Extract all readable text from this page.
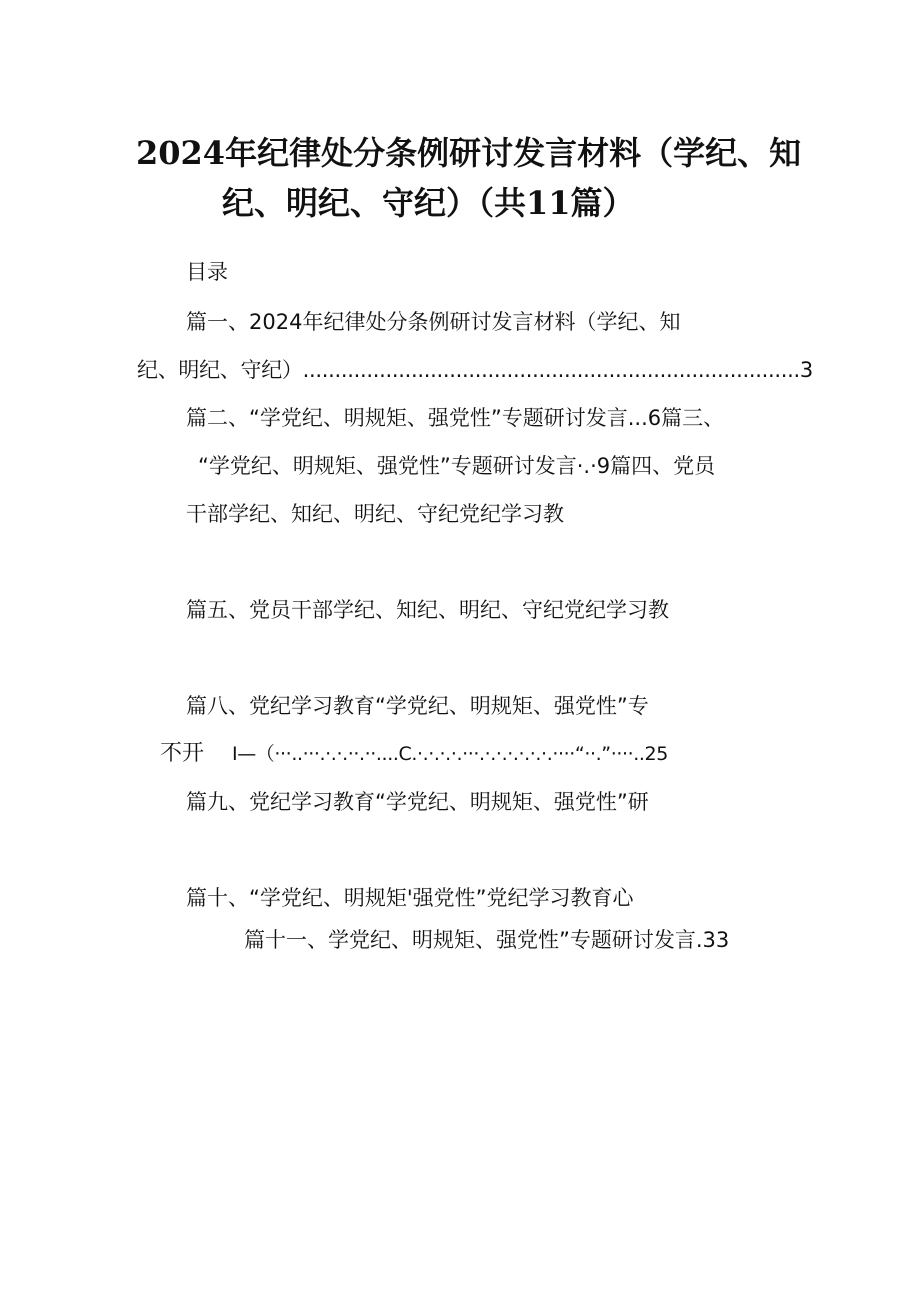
2024年纪律处分条例研讨发言材料（学纪、知
纪、明纪、守纪）（共11篇）
目录
篇一、2024年纪律处分条例研讨发言材料（学纪、知
纪、明纪、守纪）..............................................................................3
篇二、“学党纪、明规矩、强党性”专题研讨发言...6篇三、
“学党纪、明规矩、强党性”专题研讨发言·.·9篇四、党员
干部学纪、知纪、明纪、守纪党纪学习教
篇五、党员干部学纪、知纪、明纪、守纪党纪学习教
篇八、党纪学习教育“学党纪、明规矩、强党性”专
不开 I—（···..···.·.·.··.··....C.·.·.·.·.···.·.·.·.·.·.·.····“··.”····..25
篇九、党纪学习教育“学党纪、明规矩、强党性”研
篇十、“学党纪、明规矩'强党性”党纪学习教育心
篇十一、学党纪、明规矩、强党性”专题研讨发言.33
